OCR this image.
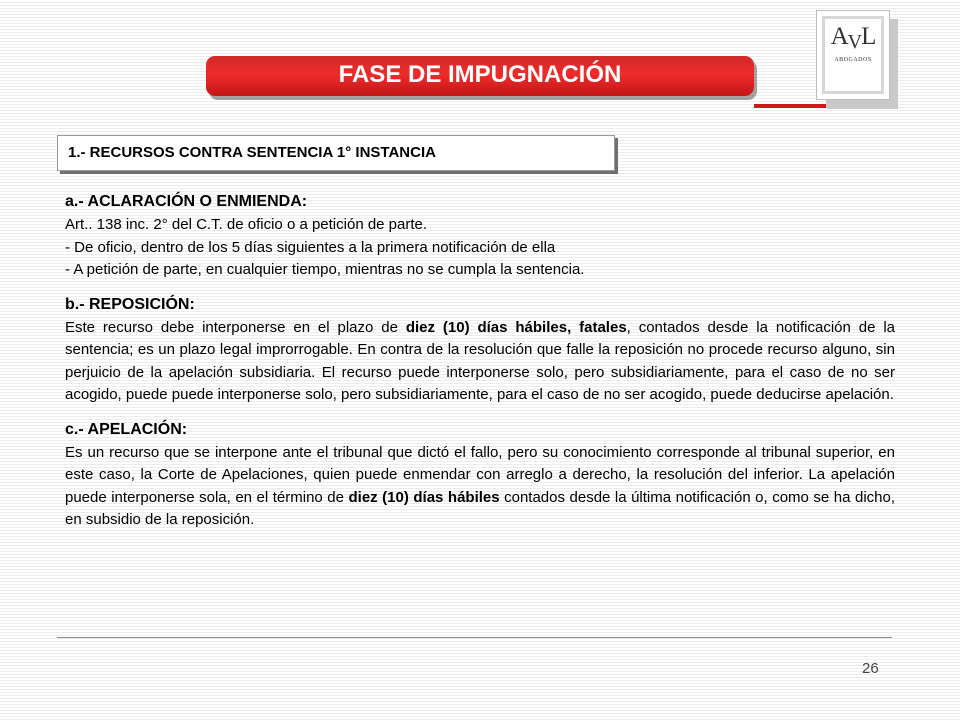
AVL
ABOGADOS
FASE DE IMPUGNACIÓN
1.- RECURSOS CONTRA SENTENCIA 1° INSTANCIA

a.- ACLARACIÓN O ENMIENDA:

Art.. 138 inc. 2° del C.T. de oficio o a petición de parte.

- De oficio, dentro de los 5 días siguientes a la primera notificación de ella

- A petición de parte, en cualquier tiempo, mientras no se cumpla la sentencia.

b.- REPOSICIÓN:

Este recurso debe interponerse en el plazo de diez (10) días hábiles, fatales, contados desde la notificación de la sentencia; es un plazo legal improrrogable. En contra de la resolución que falle la reposición no procede recurso alguno, sin perjuicio de la apelación subsidiaria. El recurso puede interponerse solo, pero subsidiariamente, para el caso de no ser acogido, puede puede interponerse solo, pero subsidiariamente, para el caso de no ser acogido, puede deducirse apelación.

c.- APELACIÓN:

Es un recurso que se interpone ante el tribunal que dictó el fallo, pero su conocimiento corresponde al tribunal superior, en este caso, la Corte de Apelaciones, quien puede enmendar con arreglo a derecho, la resolución del inferior. La apelación puede interponerse sola, en el término de diez (10) días hábiles contados desde la última notificación o, como se ha dicho, en subsidio de la reposición.

26
